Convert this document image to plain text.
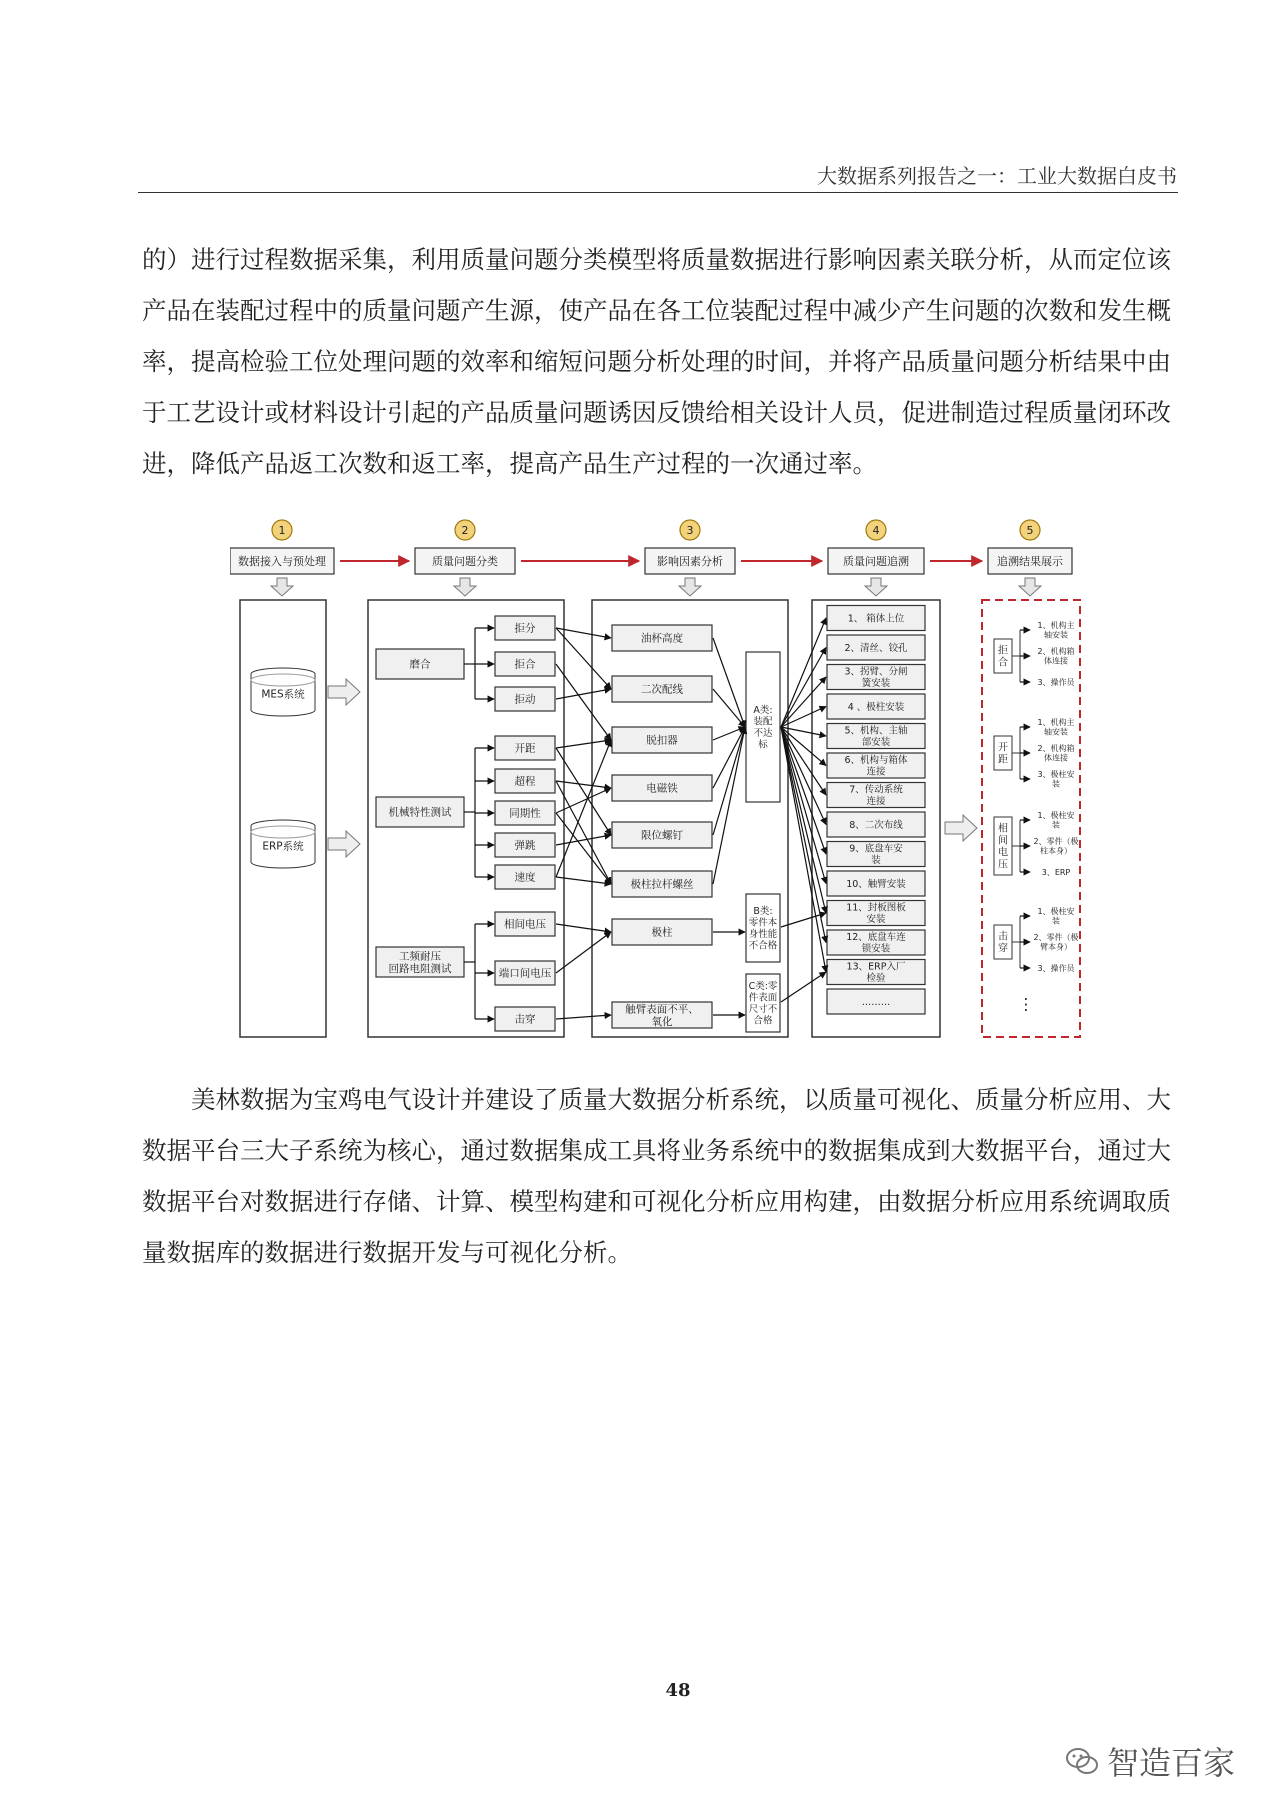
大数据系列报告之一：工业大数据白皮书

的）进行过程数据采集，利用质量问题分类模型将质量数据进行影响因素关联分析，从而定位该产品在装配过程中的质量问题产生源，使产品在各工位装配过程中减少产生问题的次数和发生概率，提高检验工位处理问题的效率和缩短问题分析处理的时间，并将产品质量问题分析结果中由于工艺设计或材料设计引起的产品质量问题诱因反馈给相关设计人员，促进制造过程质量闭环改进，降低产品返工次数和返工率，提高产品生产过程的一次通过率。

1
数据接入与预处理
2
质量问题分类
3
影响因素分析
4
质量问题追溯
5
追溯结果展示
MES系统
ERP系统
磨合
机械特性测试
工频耐压回路电阻测试
拒分
拒合
拒动
开距
超程
同期性
弹跳
速度
相间电压
端口间电压
击穿
油杯高度
二次配线
脱扣器
电磁铁
限位螺钉
极柱拉杆螺丝
极柱
触臂表面不平、氧化
A类:装配不达标
B类:零件本身性能不合格
C类:零件表面尺寸不合格
1、 箱体上位
2、清丝、铰孔
3、拐臂、分闸簧安装
4 、极柱安装
5、机构、主轴部安装
6、机构与箱体连接
7、传动系统连接
8、二次布线
9、底盘车安装
10、触臂安装
11、封板图板安装
12、底盘车连锁安装
13、ERP入厂检验
………
拒合
1、机构主轴安装
2、机构箱体连接
3、操作员
开距
1、机构主轴安装
2、机构箱体连接
3、极柱安装
相间电压
1、极柱安装
2、零件（极柱本身）
3、ERP
击穿
1、极柱安装
2、零件（极臂本身）
3、操作员
⋮

美林数据为宝鸡电气设计并建设了质量大数据分析系统，以质量可视化、质量分析应用、大数据平台三大子系统为核心，通过数据集成工具将业务系统中的数据集成到大数据平台，通过大数据平台对数据进行存储、计算、模型构建和可视化分析应用构建，由数据分析应用系统调取质量数据库的数据进行数据开发与可视化分析。

48
智造百家
